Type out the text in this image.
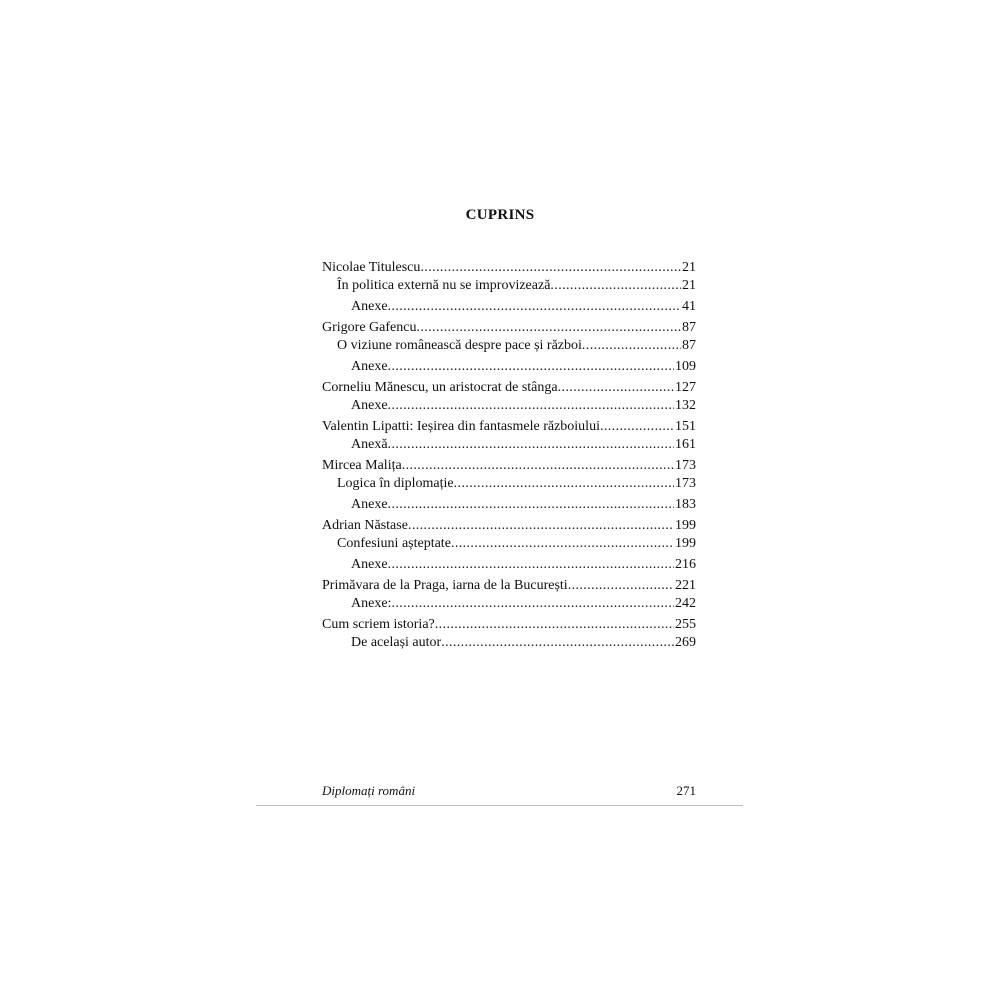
CUPRINS
Nicolae Titulescu .....	21
În politica externă nu se improvizează .....	21
Anexe .....	41
Grigore Gafencu .....	87
O viziune românească despre pace și război .....	87
Anexe .....	109
Corneliu Mănescu, un aristocrat de stânga .....	127
Anexe .....	132
Valentin Lipatti: Ieșirea din fantasmele războiului .....	151
Anexă .....	161
Mircea Malița .....	173
Logica în diplomație .....	173
Anexe .....	183
Adrian Năstase .....	199
Confesiuni așteptate .....	199
Anexe .....	216
Primăvara de la Praga, iarna de la București .....	221
Anexe: .....	242
Cum scriem istoria? .....	255
De același autor .....	269
Diplomați români	271
